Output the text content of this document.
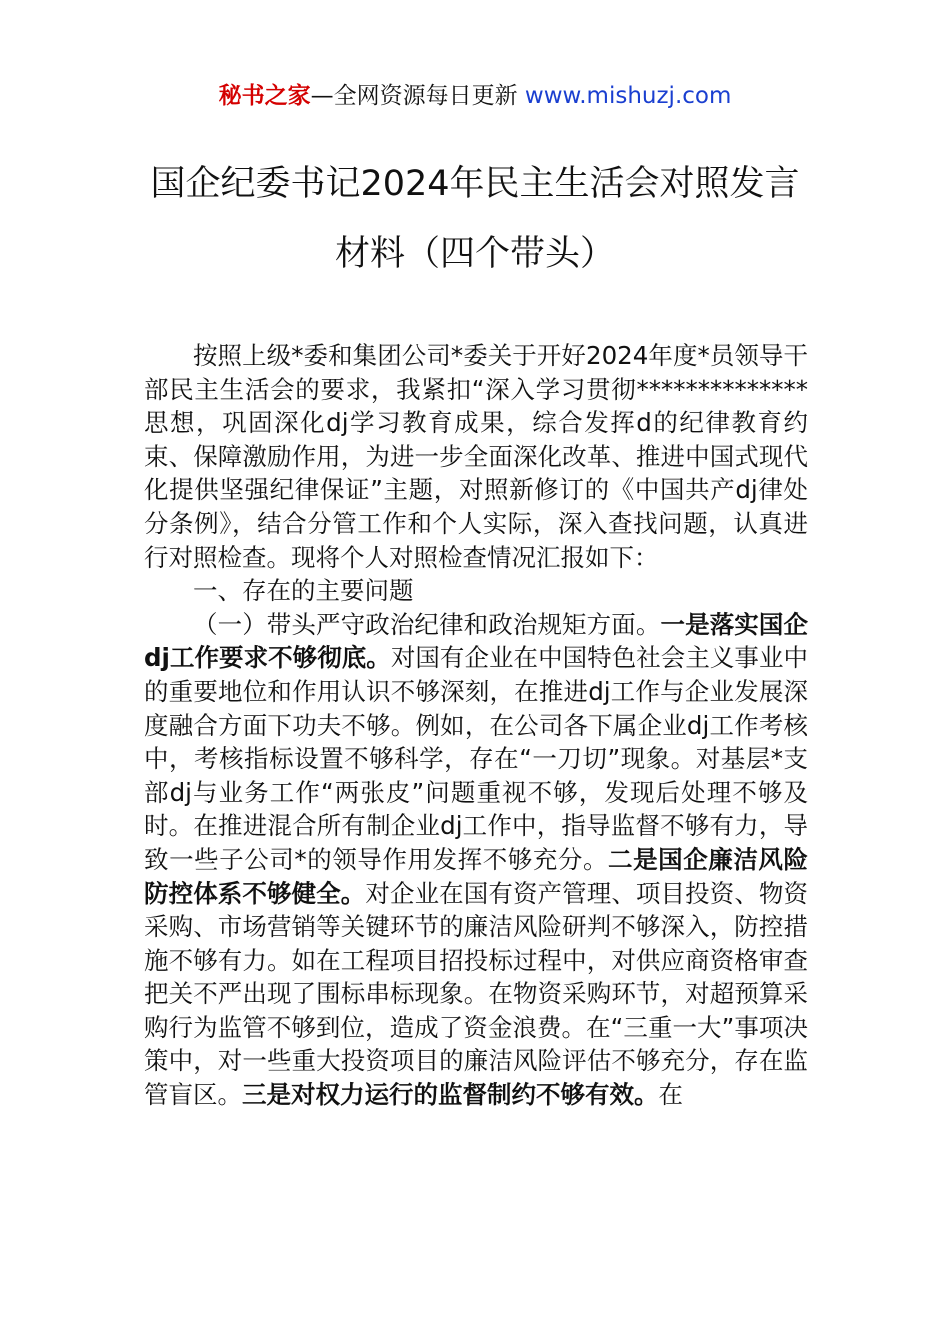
秘书之家—全网资源每日更新 www.mishuzj.com
国企纪委书记2024年民主生活会对照发言
材料（四个带头）

按照上级*委和集团公司*委关于开好2024年度*员领导干部民主生活会的要求，我紧扣“深入学习贯彻**************思想，巩固深化dj学习教育成果，综合发挥d的纪律教育约束、保障激励作用，为进一步全面深化改革、推进中国式现代化提供坚强纪律保证”主题，对照新修订的《中国共产dj律处分条例》，结合分管工作和个人实际，深入查找问题，认真进行对照检查。现将个人对照检查情况汇报如下：

一、存在的主要问题

（一）带头严守政治纪律和政治规矩方面。一是落实国企dj工作要求不够彻底。对国有企业在中国特色社会主义事业中的重要地位和作用认识不够深刻，在推进dj工作与企业发展深度融合方面下功夫不够。例如，在公司各下属企业dj工作考核中，考核指标设置不够科学，存在“一刀切”现象。对基层*支部dj与业务工作“两张皮”问题重视不够，发现后处理不够及时。在推进混合所有制企业dj工作中，指导监督不够有力，导致一些子公司*的领导作用发挥不够充分。二是国企廉洁风险防控体系不够健全。对企业在国有资产管理、项目投资、物资采购、市场营销等关键环节的廉洁风险研判不够深入，防控措施不够有力。如在工程项目招投标过程中，对供应商资格审查把关不严出现了围标串标现象。在物资采购环节，对超预算采购行为监管不够到位，造成了资金浪费。在“三重一大”事项决策中，对一些重大投资项目的廉洁风险评估不够充分，存在监管盲区。三是对权力运行的监督制约不够有效。在
